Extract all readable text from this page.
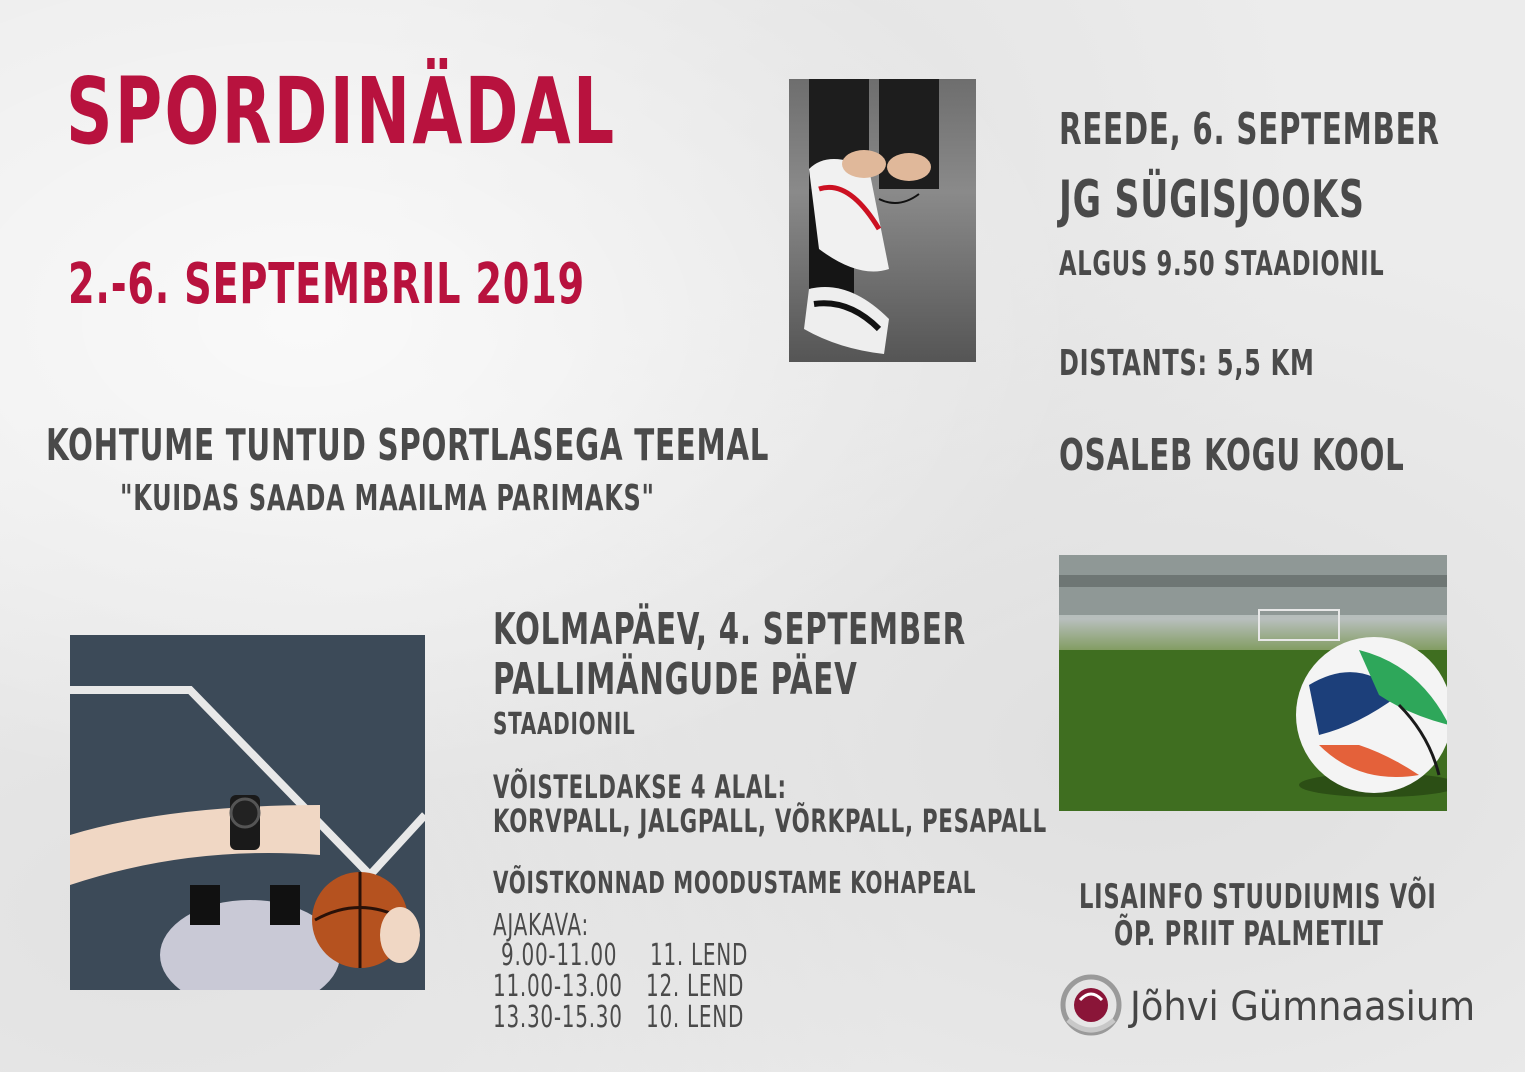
SPORDINÄDAL
2.-6. SEPTEMBRIL 2019
KOHTUME TUNTUD SPORTLASEGA TEEMAL
"KUIDAS SAADA MAAILMA PARIMAKS"
REEDE, 6. SEPTEMBER
JG SÜGISJOOKS
ALGUS 9.50 STAADIONIL
DISTANTS: 5,5 KM
OSALEB KOGU KOOL
KOLMAPÄEV, 4. SEPTEMBER
PALLIMÄNGUDE PÄEV
STAADIONIL
VÕISTELDAKSE 4 ALAL:
KORVPALL, JALGPALL, VÕRKPALL, PESAPALL
VÕISTKONNAD MOODUSTAME KOHAPEAL
AJAKAVA:
9.00-11.00 11. LEND
11.00-13.00 12. LEND
13.30-15.30 10. LEND
LISAINFO STUUDIUMIS VÕI
ÕP. PRIIT PALMETILT
Jõhvi Gümnaasium
